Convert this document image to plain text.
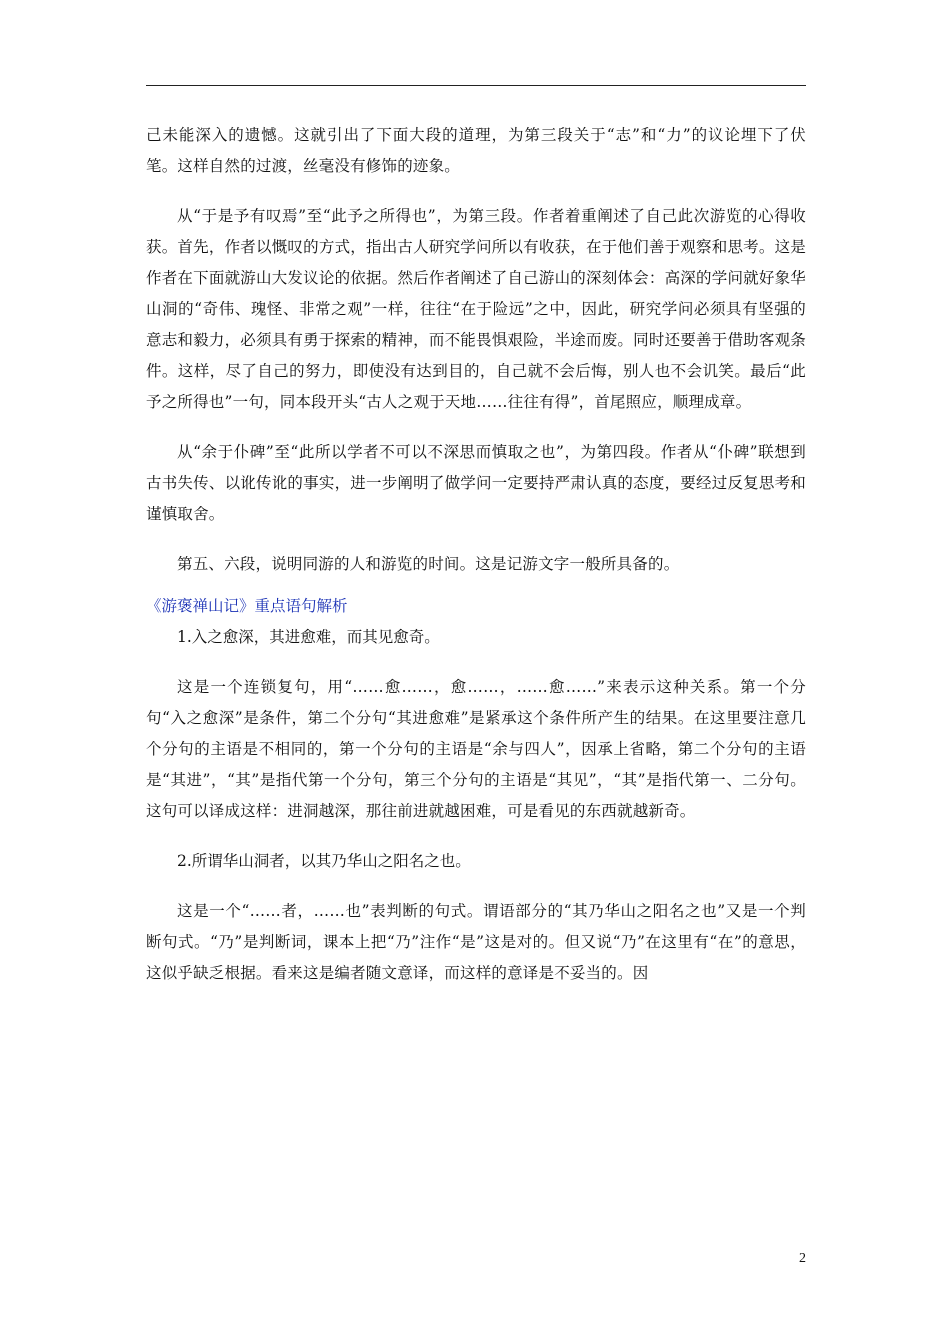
己未能深入的遗憾。这就引出了下面大段的道理，为第三段关于“志”和“力”的议论埋下了伏笔。这样自然的过渡，丝毫没有修饰的迹象。

从“于是予有叹焉”至“此予之所得也”，为第三段。作者着重阐述了自己此次游览的心得收获。首先，作者以慨叹的方式，指出古人研究学问所以有收获，在于他们善于观察和思考。这是作者在下面就游山大发议论的依据。然后作者阐述了自己游山的深刻体会：高深的学问就好象华山洞的“奇伟、瑰怪、非常之观”一样，往往“在于险远”之中，因此，研究学问必须具有坚强的意志和毅力，必须具有勇于探索的精神，而不能畏惧艰险，半途而废。同时还要善于借助客观条件。这样，尽了自己的努力，即使没有达到目的，自己就不会后悔，别人也不会讥笑。最后“此予之所得也”一句，同本段开头“古人之观于天地……往往有得”，首尾照应，顺理成章。

从“余于仆碑”至“此所以学者不可以不深思而慎取之也”，为第四段。作者从“仆碑”联想到古书失传、以讹传讹的事实，进一步阐明了做学问一定要持严肃认真的态度，要经过反复思考和谨慎取舍。

第五、六段，说明同游的人和游览的时间。这是记游文字一般所具备的。

《游褒禅山记》重点语句解析

1.入之愈深，其进愈难，而其见愈奇。

这是一个连锁复句，用“……愈……，愈……，……愈……”来表示这种关系。第一个分句“入之愈深”是条件，第二个分句“其进愈难”是紧承这个条件所产生的结果。在这里要注意几个分句的主语是不相同的，第一个分句的主语是“余与四人”，因承上省略，第二个分句的主语是“其进”，“其”是指代第一个分句，第三个分句的主语是“其见”，“其”是指代第一、二分句。这句可以译成这样：进洞越深，那往前进就越困难，可是看见的东西就越新奇。

2.所谓华山洞者，以其乃华山之阳名之也。

这是一个“……者，……也”表判断的句式。谓语部分的“其乃华山之阳名之也”又是一个判断句式。“乃”是判断词，课本上把“乃”注作“是”这是对的。但又说“乃”在这里有“在”的意思，这似乎缺乏根据。看来这是编者随文意译，而这样的意译是不妥当的。因

2
